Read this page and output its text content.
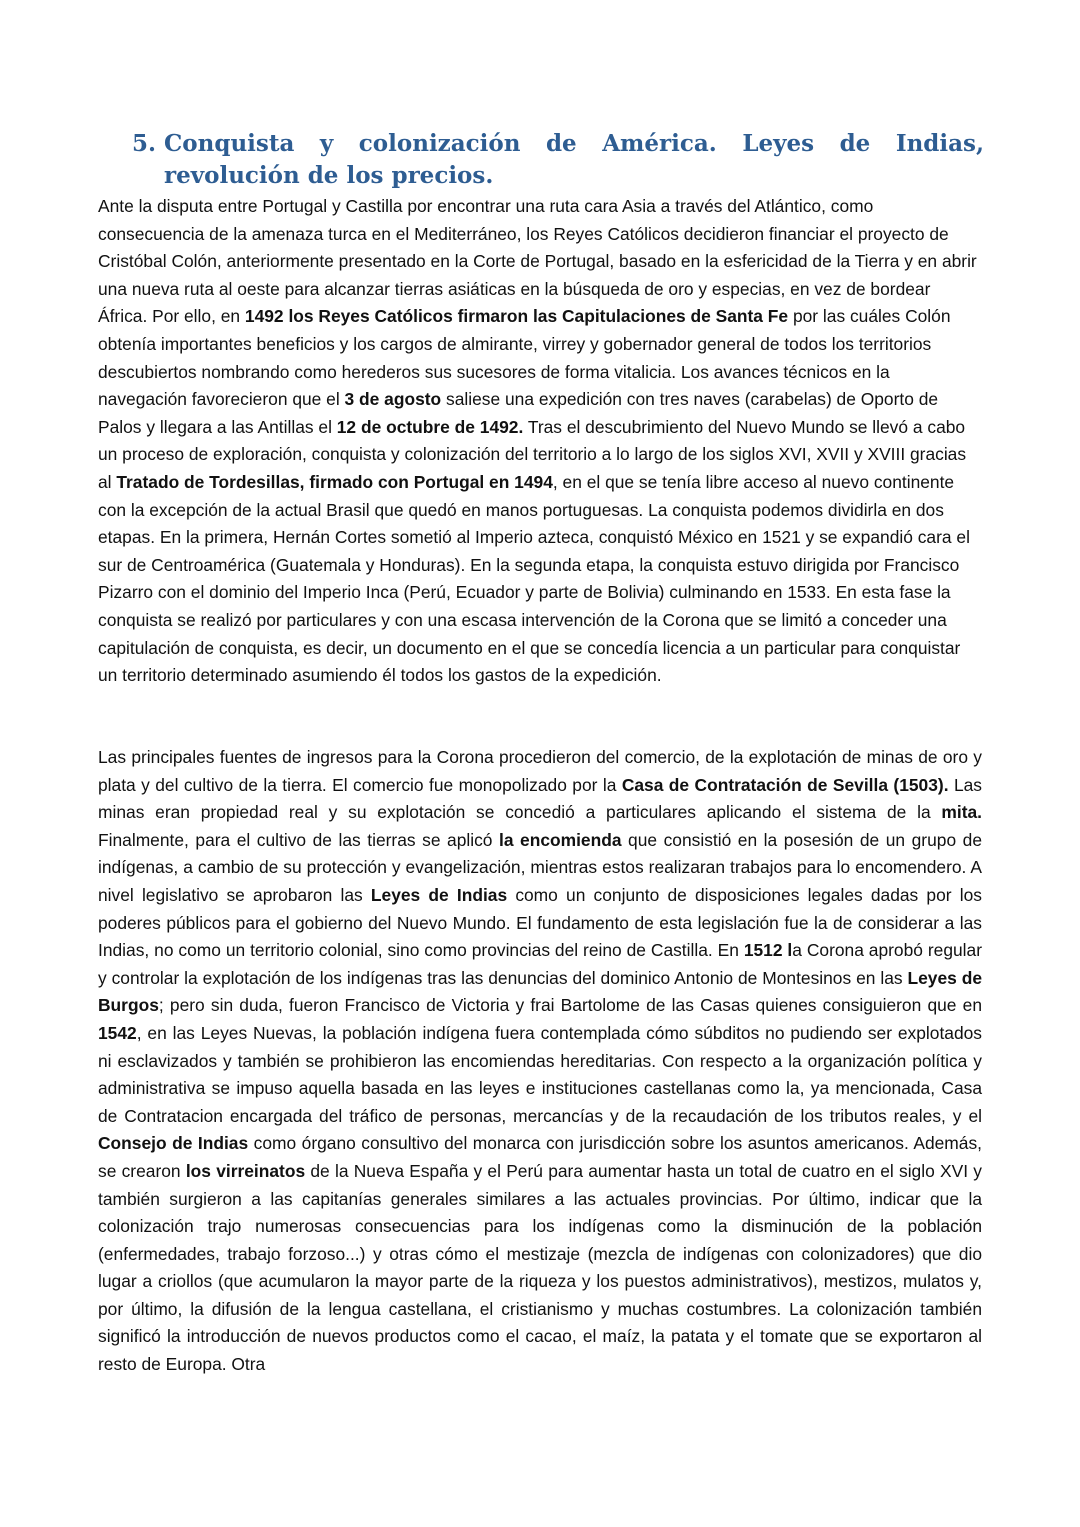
5. Conquista y colonización de América. Leyes de Indias, revolución de los precios.

Ante la disputa entre Portugal y Castilla por encontrar una ruta cara Asia a través del Atlántico, como consecuencia de la amenaza turca en el Mediterráneo, los Reyes Católicos decidieron financiar el proyecto de Cristóbal Colón, anteriormente presentado en la Corte de Portugal, basado en la esfericidad de la Tierra y en abrir una nueva ruta al oeste para alcanzar tierras asiáticas en la búsqueda de oro y especias, en vez de bordear África. Por ello, en 1492 los Reyes Católicos firmaron las Capitulaciones de Santa Fe por las cuáles Colón obtenía importantes beneficios y los cargos de almirante, virrey y gobernador general de todos los territorios descubiertos nombrando como herederos sus sucesores de forma vitalicia. Los avances técnicos en la navegación favorecieron que el 3 de agosto saliese una expedición con tres naves (carabelas) de Oporto de Palos y llegara a las Antillas el 12 de octubre de 1492. Tras el descubrimiento del Nuevo Mundo se llevó a cabo un proceso de exploración, conquista y colonización del territorio a lo largo de los siglos XVI, XVII y XVIII gracias al Tratado de Tordesillas, firmado con Portugal en 1494, en el que se tenía libre acceso al nuevo continente con la excepción de la actual Brasil que quedó en manos portuguesas. La conquista podemos dividirla en dos etapas. En la primera, Hernán Cortes sometió al Imperio azteca, conquistó México en 1521 y se expandió cara el sur de Centroamérica (Guatemala y Honduras). En la segunda etapa, la conquista estuvo dirigida por Francisco Pizarro con el dominio del Imperio Inca (Perú, Ecuador y parte de Bolivia) culminando en 1533. En esta fase la conquista se realizó por particulares y con una escasa intervención de la Corona que se limitó a conceder una capitulación de conquista, es decir, un documento en el que se concedía licencia a un particular para conquistar un territorio determinado asumiendo él todos los gastos de la expedición.

Las principales fuentes de ingresos para la Corona procedieron del comercio, de la explotación de minas de oro y plata y del cultivo de la tierra. El comercio fue monopolizado por la Casa de Contratación de Sevilla (1503). Las minas eran propiedad real y su explotación se concedió a particulares aplicando el sistema de la mita. Finalmente, para el cultivo de las tierras se aplicó la encomienda que consistió en la posesión de un grupo de indígenas, a cambio de su protección y evangelización, mientras estos realizaran trabajos para lo encomendero. A nivel legislativo se aprobaron las Leyes de Indias como un conjunto de disposiciones legales dadas por los poderes públicos para el gobierno del Nuevo Mundo. El fundamento de esta legislación fue la de considerar a las Indias, no como un territorio colonial, sino como provincias del reino de Castilla. En 1512 la Corona aprobó regular y controlar la explotación de los indígenas tras las denuncias del dominico Antonio de Montesinos en las Leyes de Burgos; pero sin duda, fueron Francisco de Victoria y frai Bartolome de las Casas quienes consiguieron que en 1542, en las Leyes Nuevas, la población indígena fuera contemplada cómo súbditos no pudiendo ser explotados ni esclavizados y también se prohibieron las encomiendas hereditarias. Con respecto a la organización política y administrativa se impuso aquella basada en las leyes e instituciones castellanas como la, ya mencionada, Casa de Contratacion encargada del tráfico de personas, mercancías y de la recaudación de los tributos reales, y el Consejo de Indias como órgano consultivo del monarca con jurisdicción sobre los asuntos americanos. Además, se crearon los virreinatos de la Nueva España y el Perú para aumentar hasta un total de cuatro en el siglo XVI y también surgieron a las capitanías generales similares a las actuales provincias. Por último, indicar que la colonización trajo numerosas consecuencias para los indígenas como la disminución de la población (enfermedades, trabajo forzoso...) y otras cómo el mestizaje (mezcla de indígenas con colonizadores) que dio lugar a criollos (que acumularon la mayor parte de la riqueza y los puestos administrativos), mestizos, mulatos y, por último, la difusión de la lengua castellana, el cristianismo y muchas costumbres. La colonización también significó la introducción de nuevos productos como el cacao, el maíz, la patata y el tomate que se exportaron al resto de Europa. Otra
